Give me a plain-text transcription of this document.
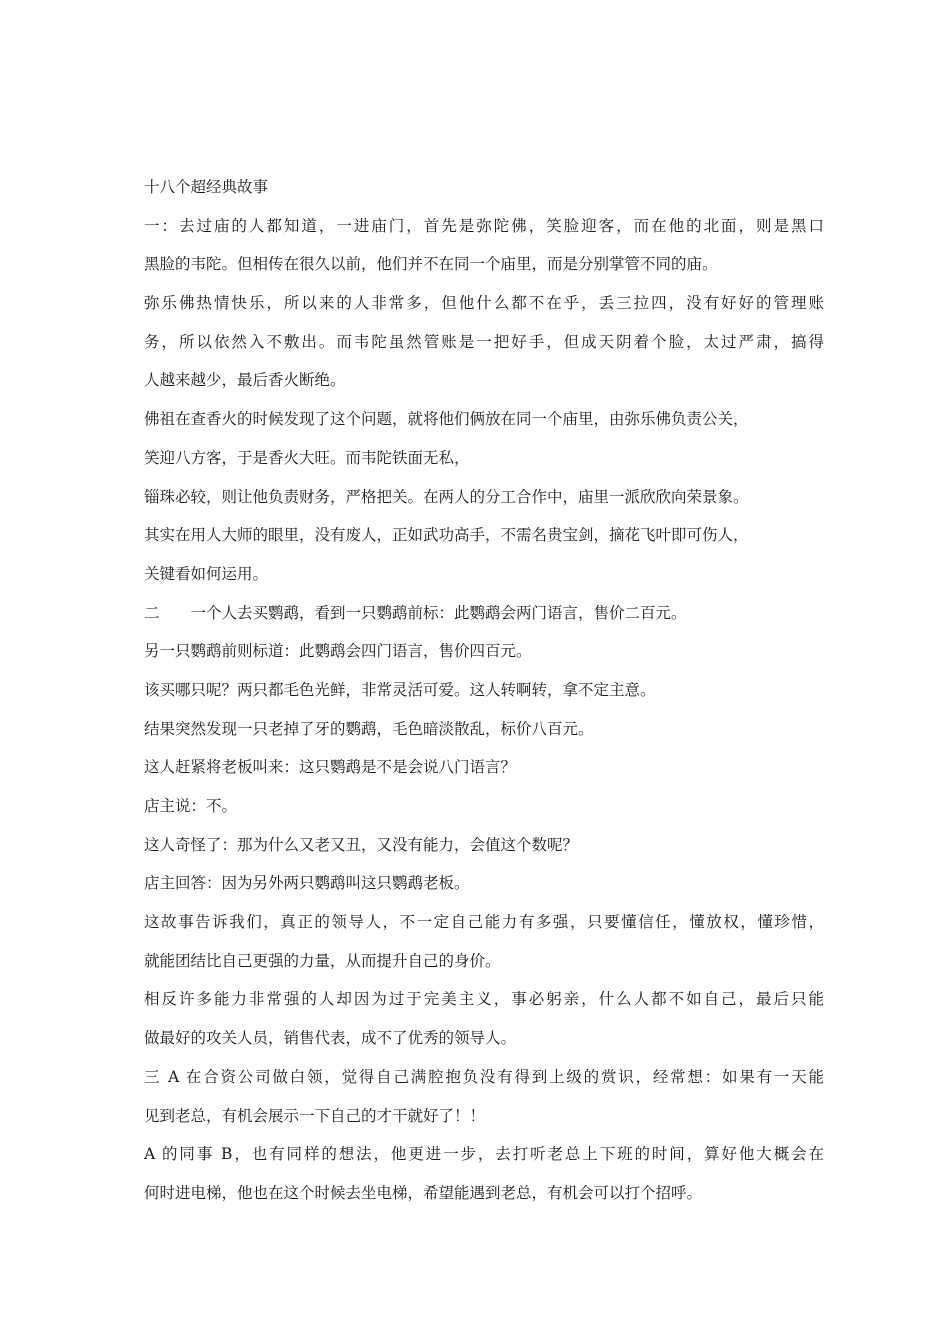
十八个超经典故事
一：去过庙的人都知道，一进庙门，首先是弥陀佛，笑脸迎客，而在他的北面，则是黑口
黑脸的韦陀。但相传在很久以前，他们并不在同一个庙里，而是分别掌管不同的庙。
弥乐佛热情快乐，所以来的人非常多，但他什么都不在乎，丢三拉四，没有好好的管理账
务，所以依然入不敷出。而韦陀虽然管账是一把好手，但成天阴着个脸，太过严肃，搞得
人越来越少，最后香火断绝。
佛祖在查香火的时候发现了这个问题，就将他们俩放在同一个庙里，由弥乐佛负责公关，
笑迎八方客，于是香火大旺。而韦陀铁面无私，
锱珠必较，则让他负责财务，严格把关。在两人的分工合作中，庙里一派欣欣向荣景象。
其实在用人大师的眼里，没有废人，正如武功高手，不需名贵宝剑，摘花飞叶即可伤人，
关键看如何运用。
二　　一个人去买鹦鹉，看到一只鹦鹉前标：此鹦鹉会两门语言，售价二百元。
另一只鹦鹉前则标道：此鹦鹉会四门语言，售价四百元。
该买哪只呢？两只都毛色光鲜，非常灵活可爱。这人转啊转，拿不定主意。
结果突然发现一只老掉了牙的鹦鹉，毛色暗淡散乱，标价八百元。
这人赶紧将老板叫来：这只鹦鹉是不是会说八门语言？
店主说：不。
这人奇怪了：那为什么又老又丑，又没有能力，会值这个数呢？
店主回答：因为另外两只鹦鹉叫这只鹦鹉老板。
这故事告诉我们，真正的领导人，不一定自己能力有多强，只要懂信任，懂放权，懂珍惜，
就能团结比自己更强的力量，从而提升自己的身价。
相反许多能力非常强的人却因为过于完美主义，事必躬亲，什么人都不如自己，最后只能
做最好的攻关人员，销售代表，成不了优秀的领导人。
三 A 在合资公司做白领，觉得自己满腔抱负没有得到上级的赏识，经常想：如果有一天能
见到老总，有机会展示一下自己的才干就好了！！
A 的同事 B，也有同样的想法，他更进一步，去打听老总上下班的时间，算好他大概会在
何时进电梯，他也在这个时候去坐电梯，希望能遇到老总，有机会可以打个招呼。
